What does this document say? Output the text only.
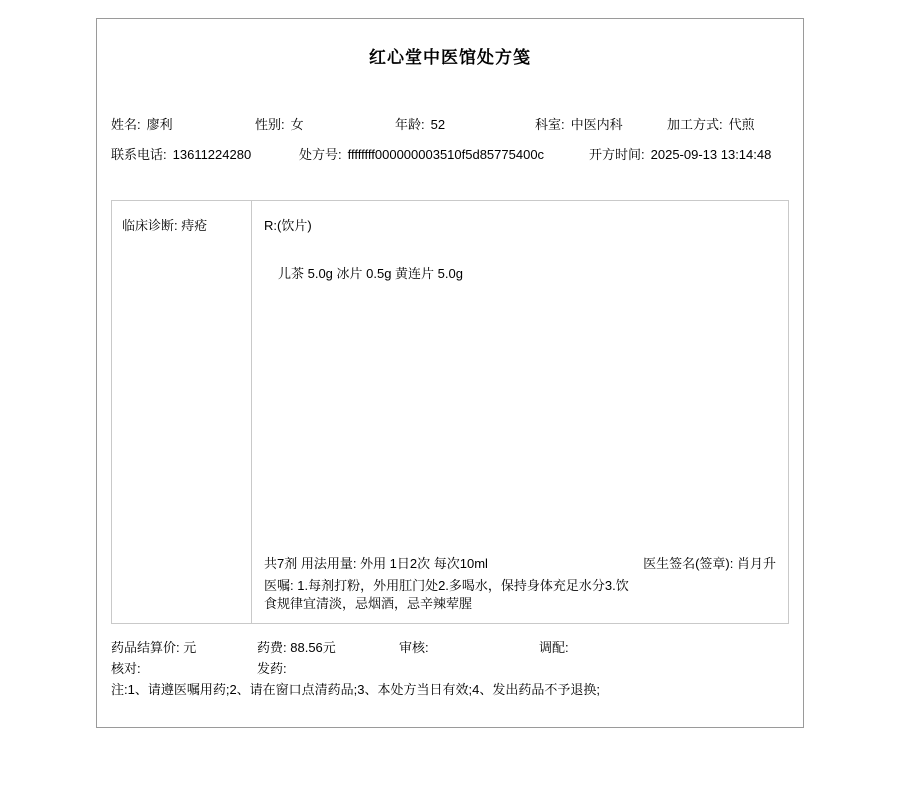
红心堂中医馆处方笺
姓名: 廖利	性别: 女	年龄: 52	科室: 中医内科	加工方式: 代煎
联系电话: 13611224280	处方号: ffffffff000000003510f5d85775400c	开方时间: 2025-09-13 13:14:48
临床诊断: 痔疮	R:(饮片)
儿茶 5.0g 冰片 0.5g 黄连片 5.0g
共7剂 用法用量: 外用 1日2次 每次10ml	医生签名(签章): 肖月升
医嘱: 1.每剂打粉，外用肛门处2.多喝水，保持身体充足水分3.饮
食规律宜清淡，忌烟酒，忌辛辣荤腥
药品结算价: 元	药费: 88.56元	审核:	调配:
核对:	发药:
注:1、请遵医嘱用药;2、请在窗口点清药品;3、本处方当日有效;4、发出药品不予退换;
